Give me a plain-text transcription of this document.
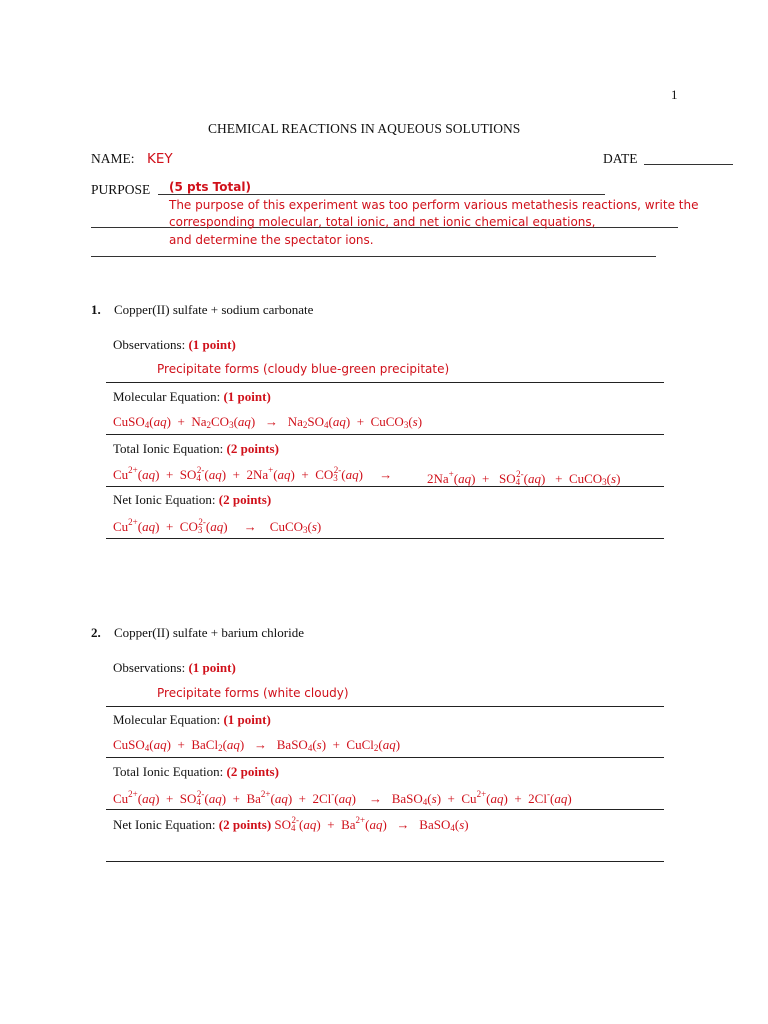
1
CHEMICAL REACTIONS IN AQUEOUS SOLUTIONS
NAME: KEY	DATE
PURPOSE (5 pts Total)
The purpose of this experiment was too perform various metathesis reactions, write the
corresponding molecular, total ionic, and net ionic chemical equations,
and determine the spectator ions.
1. Copper(II) sulfate + sodium carbonate
Observations: (1 point)
Precipitate forms (cloudy blue-green precipitate)
Molecular Equation: (1 point)
CuSO$_4$(aq)  + $Na_2CO_3(aq) \to Na_2SO_4(aq)$  + CuCO$_3$(s)
Total Ionic Equation: (2 points)
$Cu^{2+}(aq) + SO_4^{2-}(aq) + 2Na^+(aq) + CO_3^{2-}(aq)$     →	$2Na^+(aq) + SO_4^{2-}(aq)$   + CuCO$_3$(s)
Net Ionic Equation: (2 points)
$Cu^{2+}(aq) + CO_3^{2-}(aq)$     → CuCO$_3$(s)
2. Copper(II) sulfate + barium chloride
Observations: (1 point)
Precipitate forms (white cloudy)
Molecular Equation: (1 point)
CuSO$_4$(aq)  + BaCl$_2$(aq)   → BaSO$_4$(s)  + CuCl$_2$(aq)
Total Ionic Equation: (2 points)
$Cu^{2+}(aq) + SO_4^{2-}(aq) + Ba^{2+}(aq) + 2Cl^-(aq)$    → BaSO$_4$(s)  + $Cu^{2+}(aq) + 2Cl^-(aq)$
Net Ionic Equation: (2 points) $SO_4^{2-}(aq) + Ba^{2+}(aq)$   → BaSO$_4$(s)
